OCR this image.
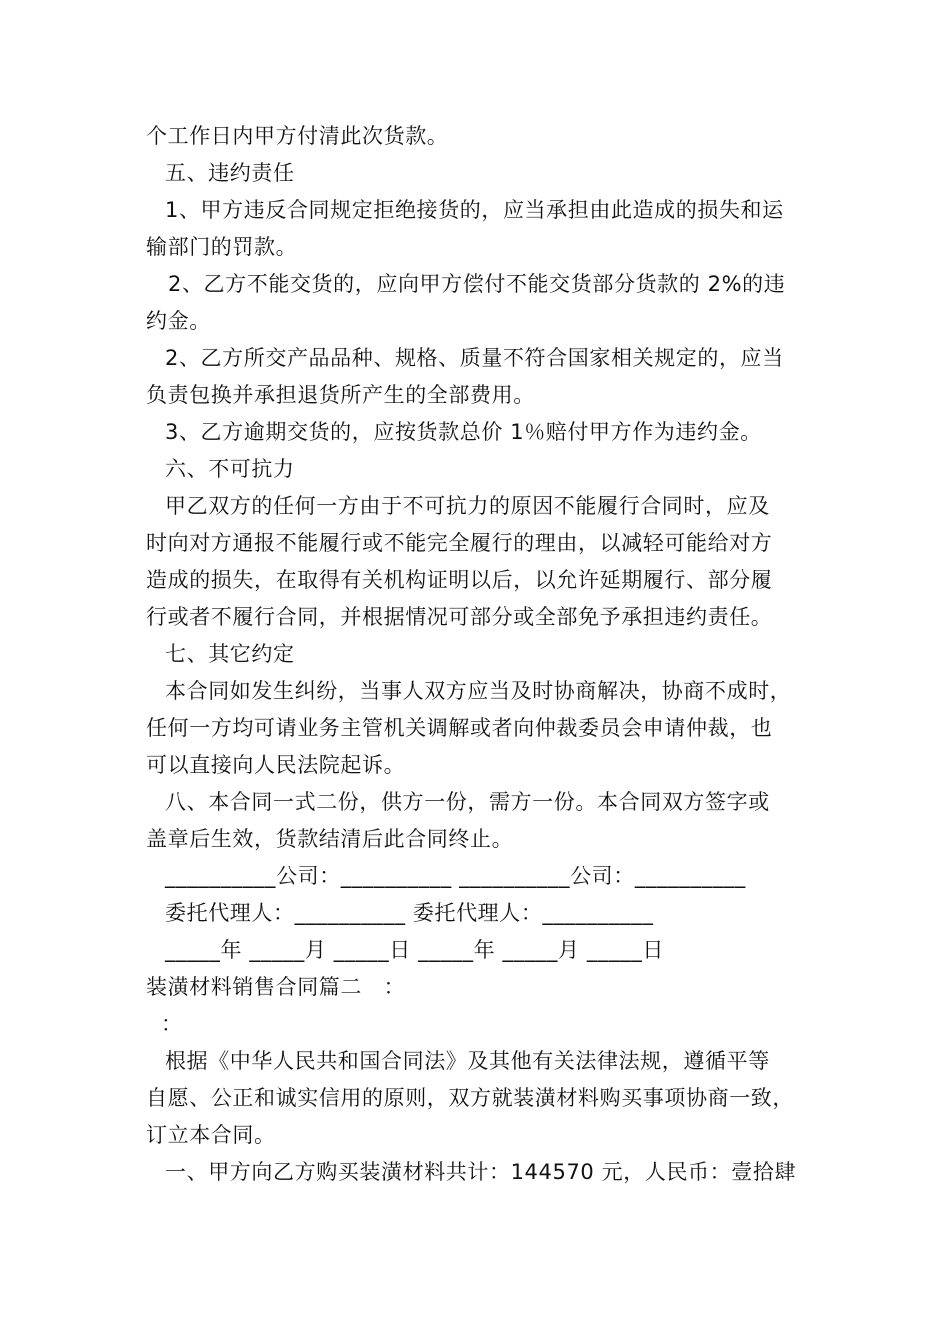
个工作日内甲方付清此次货款。
五、违约责任
1、甲方违反合同规定拒绝接货的，应当承担由此造成的损失和运
输部门的罚款。
2、乙方不能交货的，应向甲方偿付不能交货部分货款的 2%的违
约金。
2、乙方所交产品品种、规格、质量不符合国家相关规定的，应当
负责包换并承担退货所产生的全部费用。
3、乙方逾期交货的，应按货款总价 1％赔付甲方作为违约金。
六、不可抗力
甲乙双方的任何一方由于不可抗力的原因不能履行合同时，应及
时向对方通报不能履行或不能完全履行的理由，以减轻可能给对方
造成的损失，在取得有关机构证明以后，以允许延期履行、部分履
行或者不履行合同，并根据情况可部分或全部免予承担违约责任。
七、其它约定
本合同如发生纠纷，当事人双方应当及时协商解决，协商不成时，
任何一方均可请业务主管机关调解或者向仲裁委员会申请仲裁，也
可以直接向人民法院起诉。
八、本合同一式二份，供方一份，需方一份。本合同双方签字或
盖章后生效，货款结清后此合同终止。
__________公司：__________ __________公司：__________
委托代理人：__________ 委托代理人：__________
_____年 _____月 _____日 _____年 _____月 _____日
装潢材料销售合同篇二　：
：
根据《中华人民共和国合同法》及其他有关法律法规，遵循平等
自愿、公正和诚实信用的原则，双方就装潢材料购买事项协商一致，
订立本合同。
一、甲方向乙方购买装潢材料共计：144570 元，人民币：壹拾肆
